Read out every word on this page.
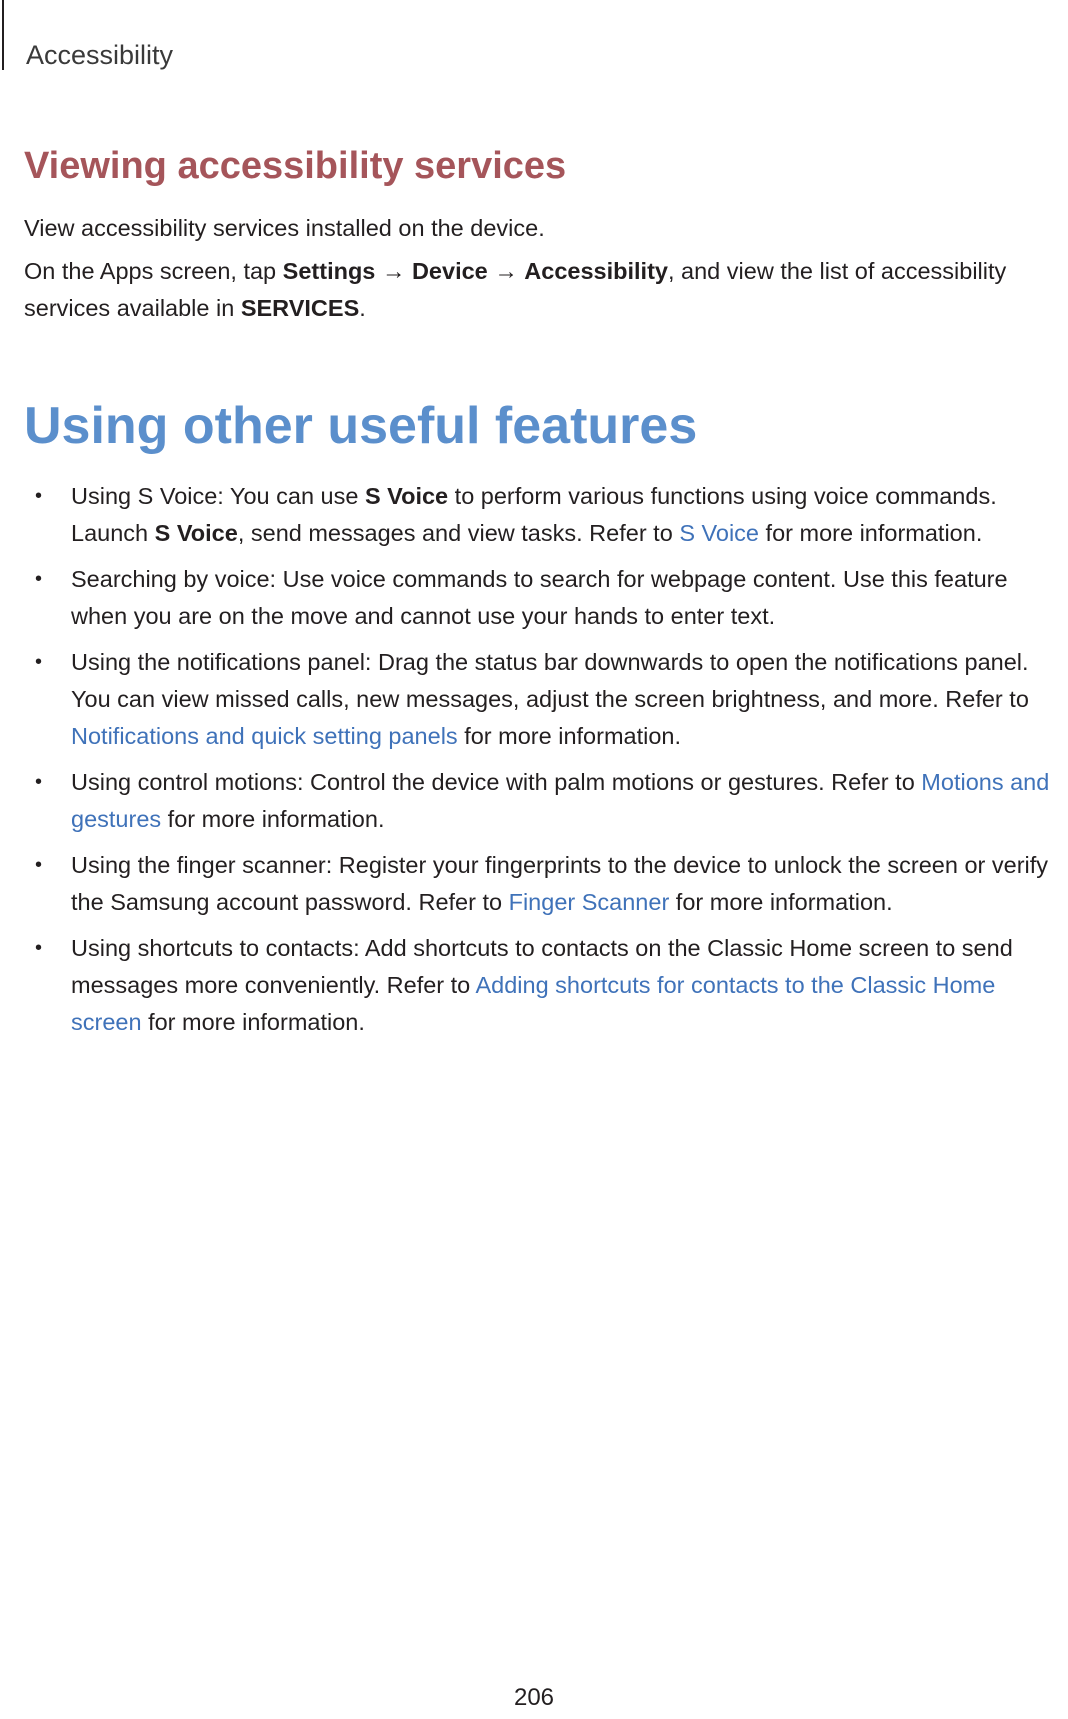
Accessibility
Viewing accessibility services

View accessibility services installed on the device.

On the Apps screen, tap Settings → Device → Accessibility, and view the list of accessibility services available in SERVICES.

Using other useful features
• Using S Voice: You can use S Voice to perform various functions using voice commands. Launch S Voice, send messages and view tasks. Refer to S Voice for more information.
• Searching by voice: Use voice commands to search for webpage content. Use this feature when you are on the move and cannot use your hands to enter text.
• Using the notifications panel: Drag the status bar downwards to open the notifications panel. You can view missed calls, new messages, adjust the screen brightness, and more. Refer to Notifications and quick setting panels for more information.
• Using control motions: Control the device with palm motions or gestures. Refer to Motions and gestures for more information.
• Using the finger scanner: Register your fingerprints to the device to unlock the screen or verify the Samsung account password. Refer to Finger Scanner for more information.
• Using shortcuts to contacts: Add shortcuts to contacts on the Classic Home screen to send messages more conveniently. Refer to Adding shortcuts for contacts to the Classic Home screen for more information.
206
